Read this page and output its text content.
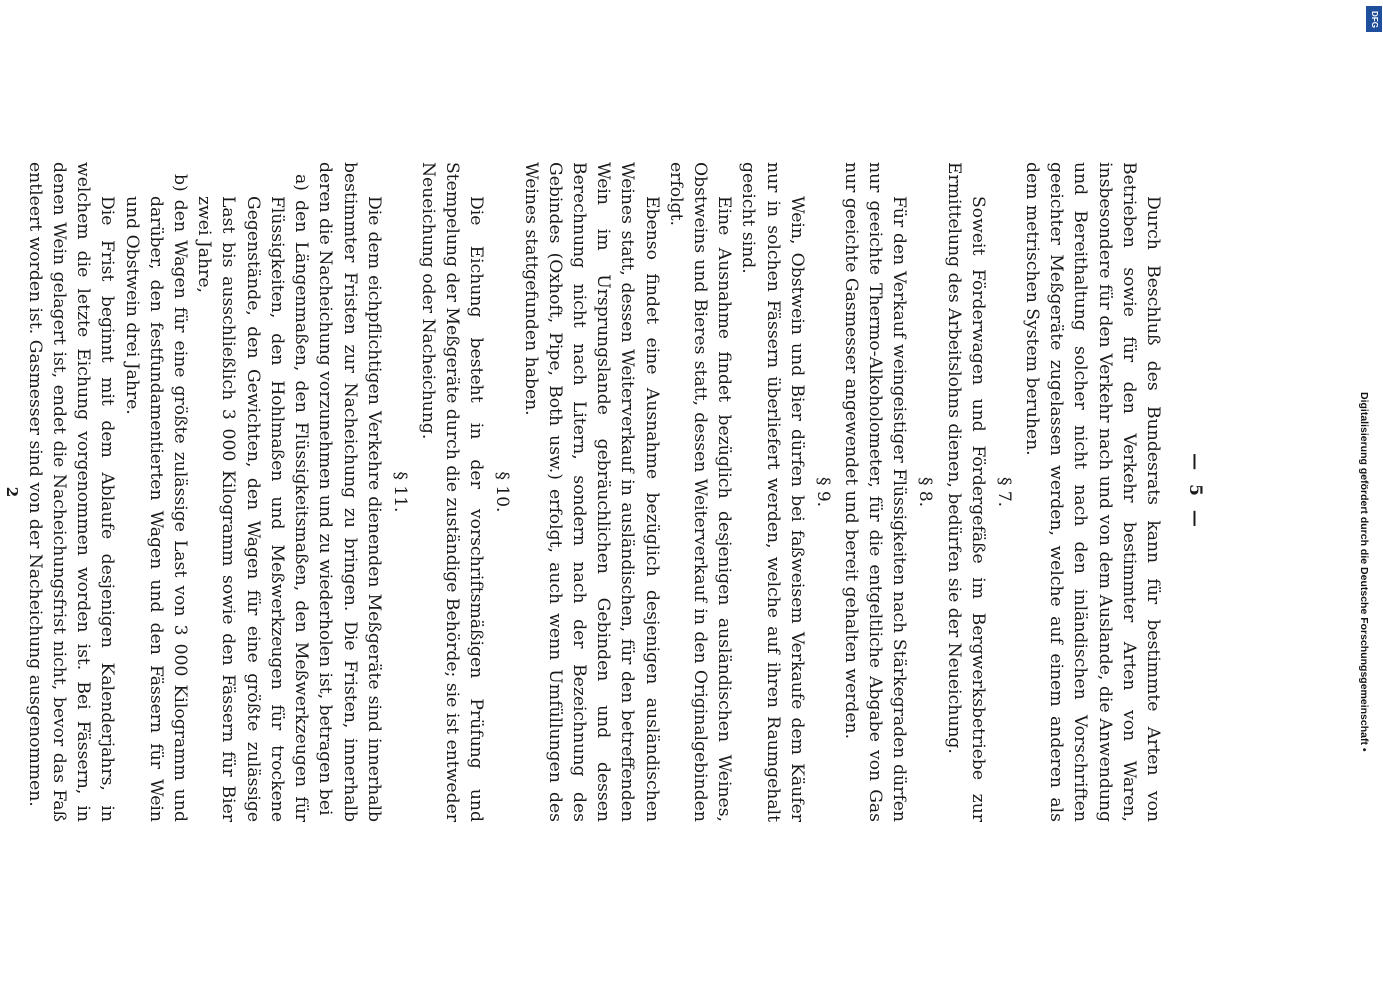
— 5 —

Durch Beschluß des Bundesrats kann für bestimmte Arten von Betrieben sowie für den Verkehr bestimmter Arten von Waren, insbesondere für den Verkehr nach und von dem Auslande, die Anwendung und Bereithaltung solcher nicht nach den inländischen Vorschriften geeichter Meßgeräte zugelassen werden, welche auf einem anderen als dem metrischen System beruhen.

§ 7.

Soweit Förderwagen und Fördergefäße im Bergwerksbetriebe zur Ermittelung des Arbeitslohns dienen, bedürfen sie der Neueichung.

§ 8.

Für den Verkauf weingeistiger Flüssigkeiten nach Stärkegraden dürfen nur geeichte Thermo-Alkoholometer, für die entgeltliche Abgabe von Gas nur geeichte Gasmesser angewendet und bereit gehalten werden.

§ 9.

Wein, Obstwein und Bier dürfen bei faßweisem Verkaufe dem Käufer nur in solchen Fässern überliefert werden, welche auf ihren Raumgehalt geeicht sind.

Eine Ausnahme findet bezüglich desjenigen ausländischen Weines, Obstweins und Bieres statt, dessen Weiterverkauf in den Originalgebinden erfolgt.

Ebenso findet eine Ausnahme bezüglich desjenigen ausländischen Weines statt, dessen Weiterverkauf in ausländischen, für den betreffenden Wein im Ursprungslande gebräuchlichen Gebinden und dessen Berechnung nicht nach Litern, sondern nach der Bezeichnung des Gebindes (Oxhoft, Pipe, Both usw.) erfolgt, auch wenn Umfüllungen des Weines stattgefunden haben.

§ 10.

Die Eichung besteht in der vorschriftsmäßigen Prüfung und Stempelung der Meßgeräte durch die zuständige Behörde; sie ist entweder Neueichung oder Nacheichung.

§ 11.

Die dem eichpflichtigen Verkehre dienenden Meßgeräte sind innerhalb bestimmter Fristen zur Nacheichung zu bringen. Die Fristen, innerhalb deren die Nacheichung vorzunehmen und zu wiederholen ist, betragen bei

a) den Längenmaßen, den Flüssigkeitsmaßen, den Meßwerkzeugen für Flüssigkeiten, den Hohlmaßen und Meßwerkzeugen für trockene Gegenstände, den Gewichten, den Wagen für eine größte zulässige Last bis ausschließlich 3 000 Kilogramm sowie den Fässern für Bier zwei Jahre,

b) den Wagen für eine größte zulässige Last von 3 000 Kilogramm und darüber, den festfundamentierten Wagen und den Fässern für Wein und Obstwein drei Jahre.

Die Frist beginnt mit dem Ablaufe desjenigen Kalenderjahrs, in welchem die letzte Eichung vorgenommen worden ist. Bei Fässern, in denen Wein gelagert ist, endet die Nacheichungsfrist nicht, bevor das Faß entleert worden ist. Gasmesser sind von der Nacheichung ausgenommen.

2
DFG
Digitalisierung gefördert durch die Deutsche Forschungsgemeinschaft •
